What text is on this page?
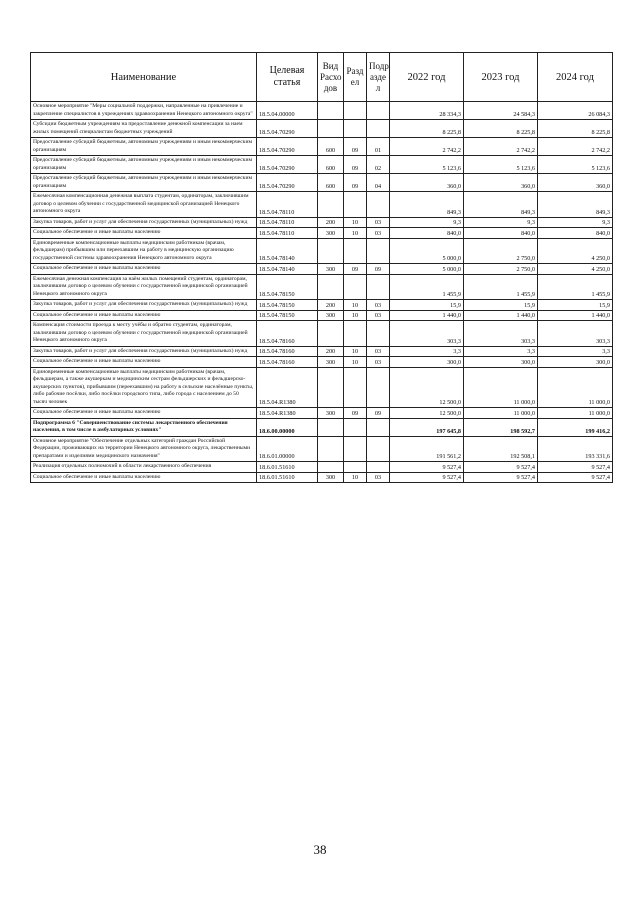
Наименование	Целевая статья	Вид Расхо дов	Разд ел	Подр азде л	2022 год	2023 год	2024 год
Основное мероприятие "Меры социальной поддержки, направленные на привлечение и закрепление специалистов в учреждениях здравоохранения Ненецкого автономного округа"	18.5.04.00000				28 334,3	24 584,3	26 084,3
Субсидии бюджетным учреждениям на предоставление денежной компенсации за наем жилых помещений специалистам бюджетных учреждений	18.5.04.70290				8 225,8	8 225,8	8 225,8
Предоставление субсидий бюджетным, автономным учреждениям и иным некоммерческим организациям	18.5.04.70290	600	09	01	2 742,2	2 742,2	2 742,2
Предоставление субсидий бюджетным, автономным учреждениям и иным некоммерческим организациям	18.5.04.70290	600	09	02	5 123,6	5 123,6	5 123,6
Предоставление субсидий бюджетным, автономным учреждениям и иным некоммерческим организациям	18.5.04.70290	600	09	04	360,0	360,0	360,0
Ежемесячная компенсационная денежная выплата студентам, ординаторам, заключившим договор о целевом обучении с государственной медицинской организацией Ненецкого автономного округа	18.5.04.78110				849,3	849,3	849,3
Закупка товаров, работ и услуг для обеспечения государственных (муниципальных) нужд	18.5.04.78110	200	10	03	9,3	9,3	9,3
Социальное обеспечение и иные выплаты населению	18.5.04.78110	300	10	03	840,0	840,0	840,0
Единовременные компенсационные выплаты медицинским работникам (врачам, фельдшерам) прибывшим или переехавшим на работу в медицинскую организацию государственной системы здравоохранения Ненецкого автономного округа	18.5.04.78140				5 000,0	2 750,0	4 250,0
Социальное обеспечение и иные выплаты населению	18.5.04.78140	300	09	09	5 000,0	2 750,0	4 250,0
Ежемесячная денежная компенсация за наём жилых помещений студентам, ординаторам, заключившим договор о целевом обучении с государственной медицинской организацией Ненецкого автономного округа	18.5.04.78150				1 455,9	1 455,9	1 455,9
Закупка товаров, работ и услуг для обеспечения государственных (муниципальных) нужд	18.5.04.78150	200	10	03	15,9	15,9	15,9
Социальное обеспечение и иные выплаты населению	18.5.04.78150	300	10	03	1 440,0	1 440,0	1 440,0
Компенсация стоимости проезда к месту учёбы и обратно студентам, ординаторам, заключившим договор о целевом обучении с государственной медицинской организацией Ненецкого автономного округа	18.5.04.78160				303,3	303,3	303,3
Закупка товаров, работ и услуг для обеспечения государственных (муниципальных) нужд	18.5.04.78160	200	10	03	3,3	3,3	3,3
Социальное обеспечение и иные выплаты населению	18.5.04.78160	300	10	03	300,0	300,0	300,0
Единовременные компенсационные выплаты медицинским работникам (врачам, фельдшерам, а также акушеркам и медицинским сестрам фельдшерских и фельдшерско-акушерских пунктов), прибывшим (переехавшим) на работу в сельские населённые пункты, либо рабочие посёлки, либо посёлки городского типа, либо города с населением до 50 тысяч человек	18.5.04.R1380				12 500,0	11 000,0	11 000,0
Социальное обеспечение и иные выплаты населению	18.5.04.R1380	300	09	09	12 500,0	11 000,0	11 000,0
Подпрограмма 6 "Совершенствование системы лекарственного обеспечения населения, в том числе в амбулаторных условиях"	18.6.00.00000				197 645,8	198 592,7	199 416,2
Основное мероприятие "Обеспечение отдельных категорий граждан Российской Федерации, проживающих на территории Ненецкого автономного округа, лекарственными препаратами и изделиями медицинского назначения"	18.6.01.00000				191 561,2	192 508,1	193 331,6
Реализация отдельных полномочий в области лекарственного обеспечения	18.6.01.51610				9 527,4	9 527,4	9 527,4
Социальное обеспечение и иные выплаты населению	18.6.01.51610	300	10	03	9 527,4	9 527,4	9 527,4
38
